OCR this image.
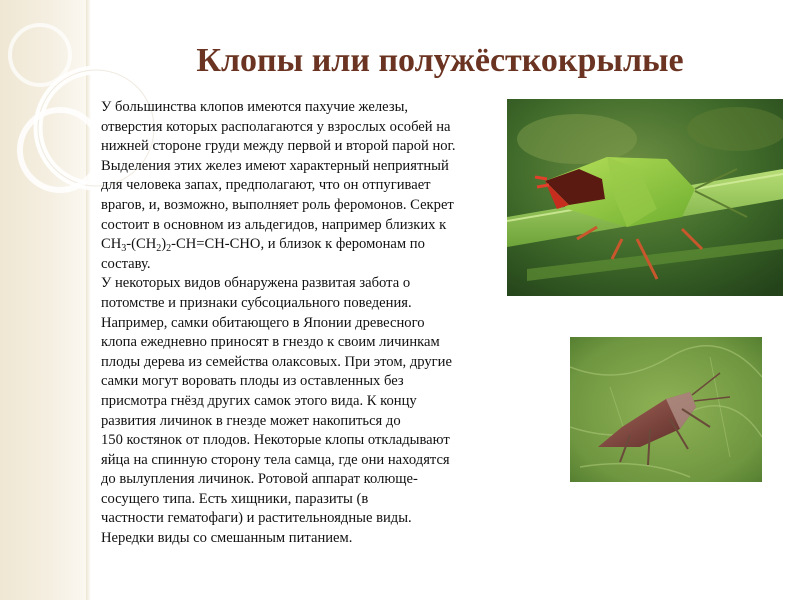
Клопы или полужёсткокрылые
У большинства клопов имеются пахучие железы,
отверстия которых располагаются у взрослых особей на
нижней стороне груди между первой и второй парой ног.
Выделения этих желез имеют характерный неприятный
для человека запах, предполагают, что он отпугивает
врагов, и, возможно, выполняет роль феромонов. Секрет
состоит в основном из альдегидов, например близких к
$CH_3-(CH_2)_2-CH=CH$-CHO, и близок к феромонам по
составу.
У некоторых видов обнаружена развитая забота о
потомстве и признаки субсоциального поведения.
Например, самки обитающего в Японии древесного
клопа ежедневно приносят в гнездо к своим личинкам
плоды дерева из семейства олаксовых. При этом, другие
самки могут воровать плоды из оставленных без
присмотра гнёзд других самок этого вида. К концу
развития личинок в гнезде может накопиться до
150 костянок от плодов. Некоторые клопы откладывают
яйца на спинную сторону тела самца, где они находятся
до вылупления личинок. Ротовой аппарат колюще-
сосущего типа. Есть хищники, паразиты (в
частности гематофаги) и растительноядные виды.
Нередки виды со смешанным питанием.
